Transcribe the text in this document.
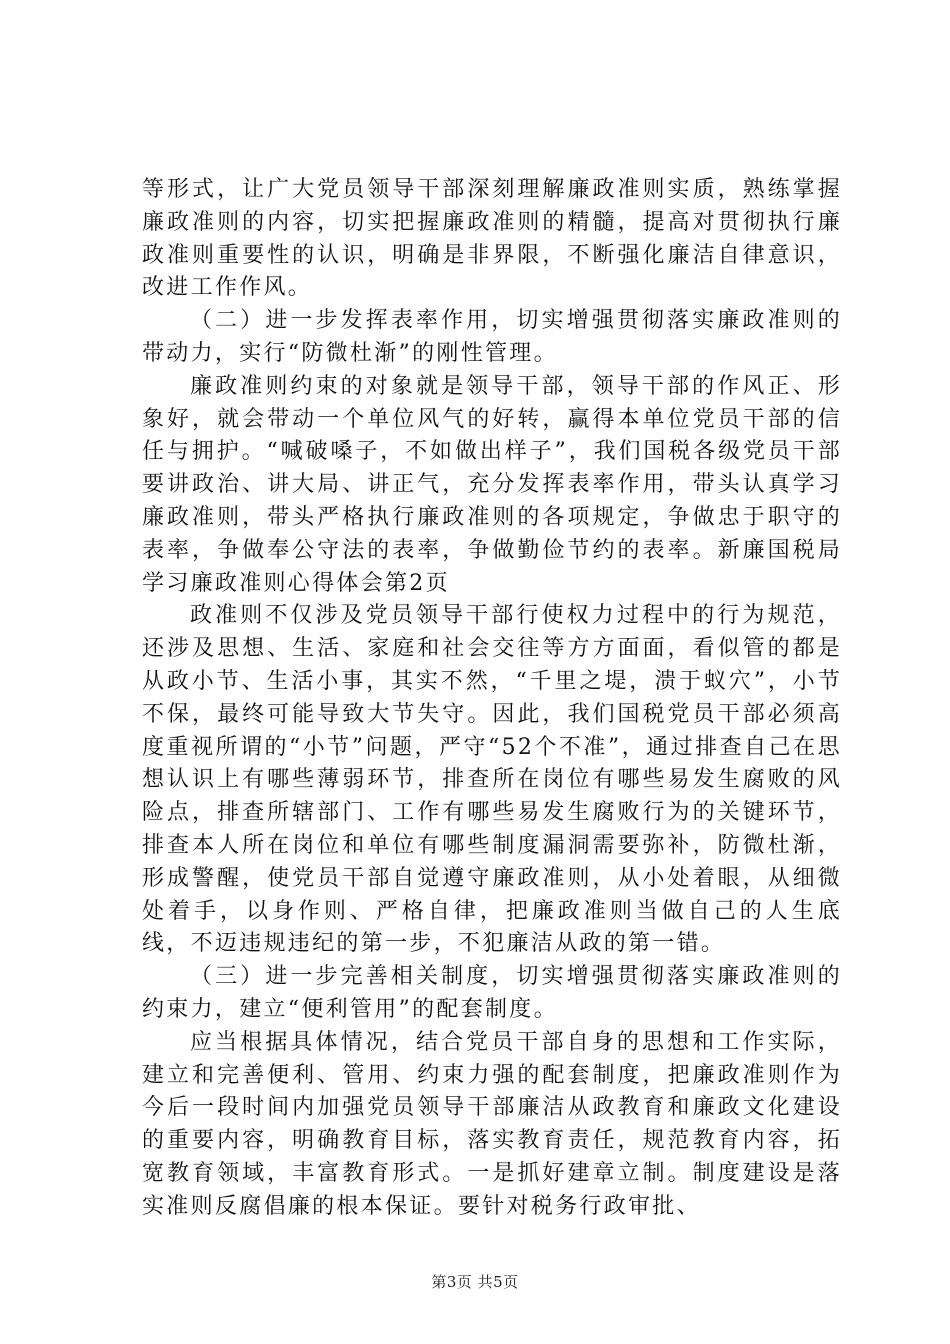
等形式，让广大党员领导干部深刻理解廉政准则实质，熟练掌握廉政准则的内容，切实把握廉政准则的精髓，提高对贯彻执行廉政准则重要性的认识，明确是非界限，不断强化廉洁自律意识，改进工作作风。

（二）进一步发挥表率作用，切实增强贯彻落实廉政准则的带动力，实行“防微杜渐”的刚性管理。

廉政准则约束的对象就是领导干部，领导干部的作风正、形象好，就会带动一个单位风气的好转，赢得本单位党员干部的信任与拥护。“喊破嗓子，不如做出样子”，我们国税各级党员干部要讲政治、讲大局、讲正气，充分发挥表率作用，带头认真学习廉政准则，带头严格执行廉政准则的各项规定，争做忠于职守的表率，争做奉公守法的表率，争做勤俭节约的表率。新廉国税局学习廉政准则心得体会第2页

政准则不仅涉及党员领导干部行使权力过程中的行为规范，还涉及思想、生活、家庭和社会交往等方方面面，看似管的都是从政小节、生活小事，其实不然，“千里之堤，溃于蚁穴”，小节不保，最终可能导致大节失守。因此，我们国税党员干部必须高度重视所谓的“小节”问题，严守“52个不准”，通过排查自己在思想认识上有哪些薄弱环节，排查所在岗位有哪些易发生腐败的风险点，排查所辖部门、工作有哪些易发生腐败行为的关键环节，排查本人所在岗位和单位有哪些制度漏洞需要弥补，防微杜渐，形成警醒，使党员干部自觉遵守廉政准则，从小处着眼，从细微处着手，以身作则、严格自律，把廉政准则当做自己的人生底线，不迈违规违纪的第一步，不犯廉洁从政的第一错。

（三）进一步完善相关制度，切实增强贯彻落实廉政准则的约束力，建立“便利管用”的配套制度。

应当根据具体情况，结合党员干部自身的思想和工作实际，建立和完善便利、管用、约束力强的配套制度，把廉政准则作为今后一段时间内加强党员领导干部廉洁从政教育和廉政文化建设的重要内容，明确教育目标，落实教育责任，规范教育内容，拓宽教育领域，丰富教育形式。一是抓好建章立制。制度建设是落实准则反腐倡廉的根本保证。要针对税务行政审批、

第3页 共5页
